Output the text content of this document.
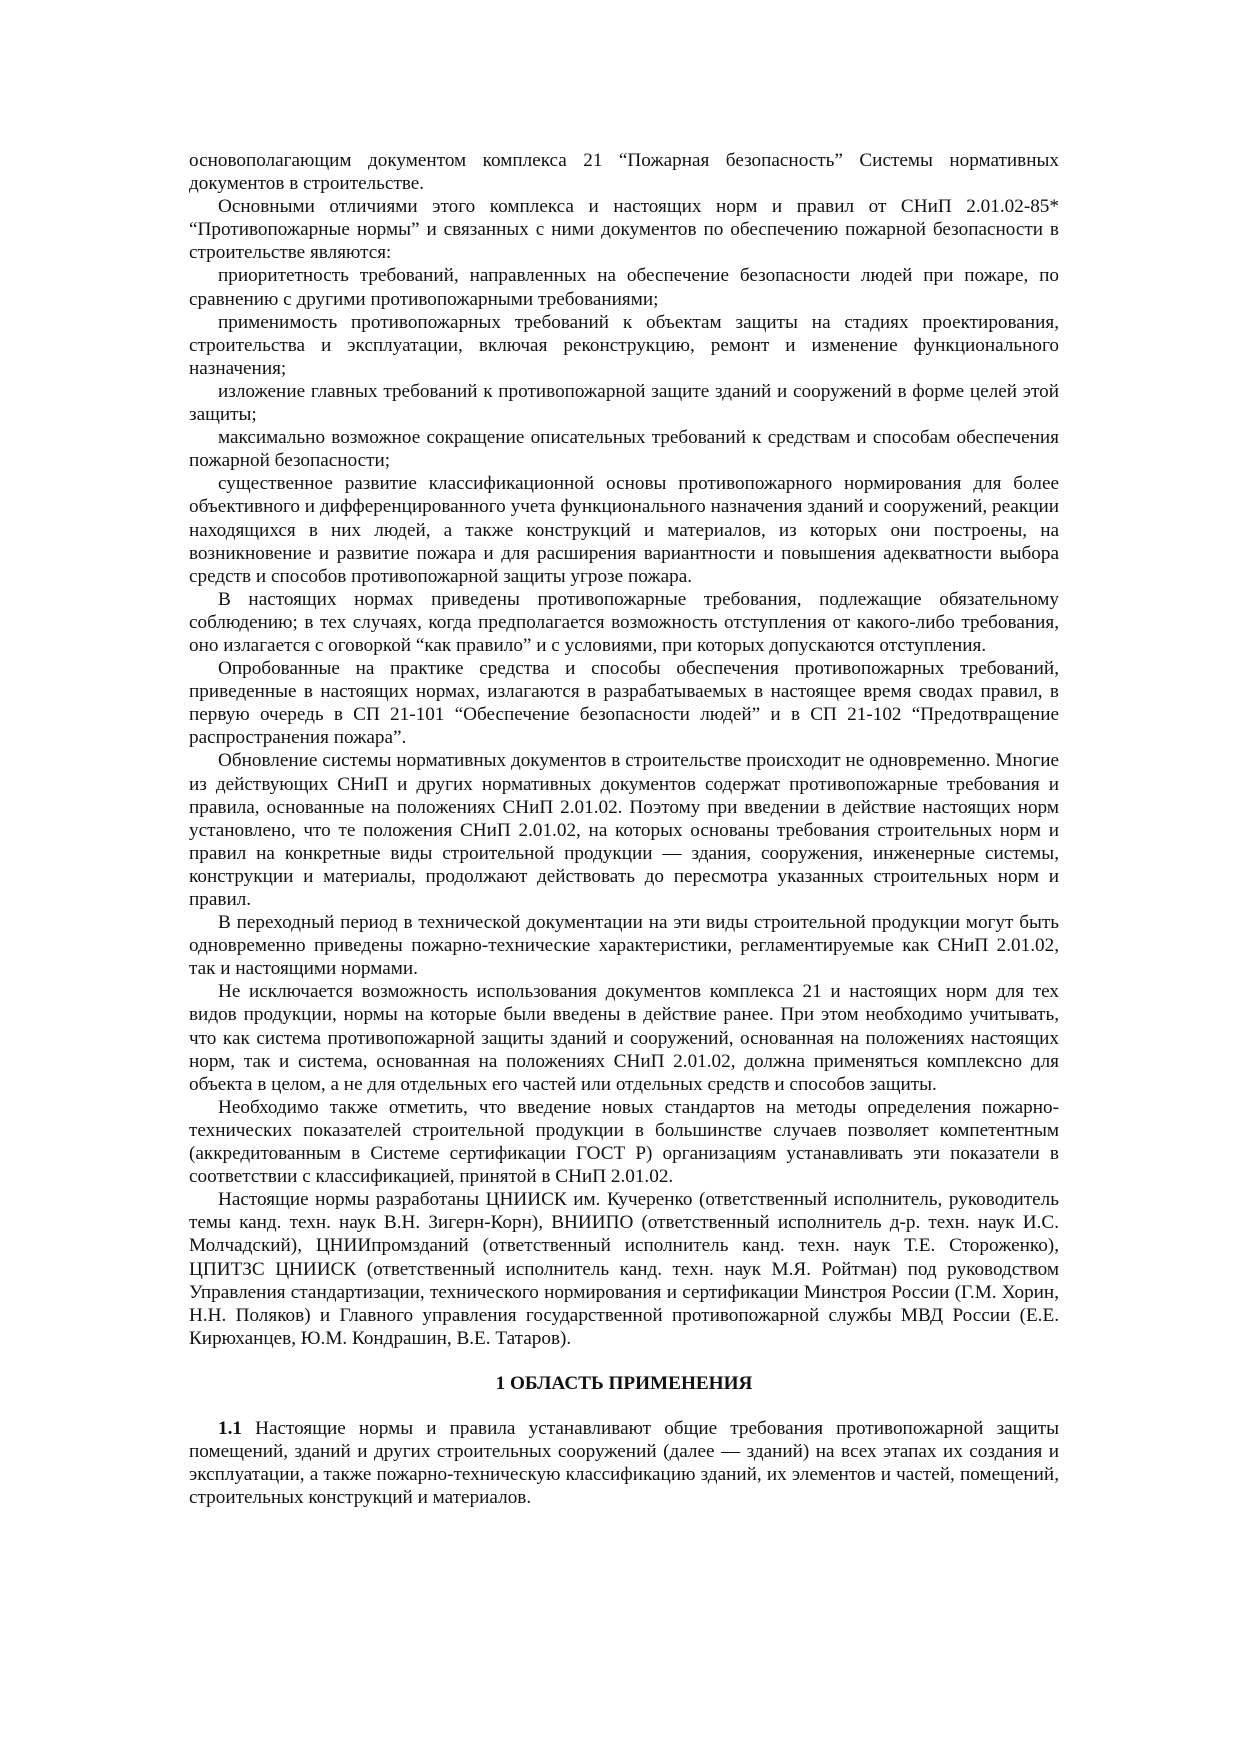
основополагающим документом комплекса 21 “Пожарная безопасность” Системы нормативных документов в строительстве.

Основными отличиями этого комплекса и настоящих норм и правил от СНиП 2.01.02-85* “Противопожарные нормы” и связанных с ними документов по обеспечению пожарной безопасности в строительстве являются:

приоритетность требований, направленных на обеспечение безопасности людей при пожаре, по сравнению с другими противопожарными требованиями;

применимость противопожарных требований к объектам защиты на стадиях проектирования, строительства и эксплуатации, включая реконструкцию, ремонт и изменение функционального назначения;

изложение главных требований к противопожарной защите зданий и сооружений в форме целей этой защиты;

максимально возможное сокращение описательных требований к средствам и способам обеспечения пожарной безопасности;

существенное развитие классификационной основы противопожарного нормирования для более объективного и дифференцированного учета функционального назначения зданий и сооружений, реакции находящихся в них людей, а также конструкций и материалов, из которых они построены, на возникновение и развитие пожара и для расширения вариантности и повышения адекватности выбора средств и способов противопожарной защиты угрозе пожара.

В настоящих нормах приведены противопожарные требования, подлежащие обязательному соблюдению; в тех случаях, когда предполагается возможность отступления от какого-либо требования, оно излагается с оговоркой “как правило” и с условиями, при которых допускаются отступления.

Опробованные на практике средства и способы обеспечения противопожарных требований, приведенные в настоящих нормах, излагаются в разрабатываемых в настоящее время сводах правил, в первую очередь в СП 21-101 “Обеспечение безопасности людей” и в СП 21-102 “Предотвращение распространения пожара”.

Обновление системы нормативных документов в строительстве происходит не одновременно. Многие из действующих СНиП и других нормативных документов содержат противопожарные требования и правила, основанные на положениях СНиП 2.01.02. Поэтому при введении в действие настоящих норм установлено, что те положения СНиП 2.01.02, на которых основаны требования строительных норм и правил на конкретные виды строительной продукции — здания, сооружения, инженерные системы, конструкции и материалы, продолжают действовать до пересмотра указанных строительных норм и правил.

В переходный период в технической документации на эти виды строительной продукции могут быть одновременно приведены пожарно-технические характеристики, регламентируемые как СНиП 2.01.02, так и настоящими нормами.

Не исключается возможность использования документов комплекса 21 и настоящих норм для тех видов продукции, нормы на которые были введены в действие ранее. При этом необходимо учитывать, что как система противопожарной защиты зданий и сооружений, основанная на положениях настоящих норм, так и система, основанная на положениях СНиП 2.01.02, должна применяться комплексно для объекта в целом, а не для отдельных его частей или отдельных средств и способов защиты.

Необходимо также отметить, что введение новых стандартов на методы определения пожарно-технических показателей строительной продукции в большинстве случаев позволяет компетентным (аккредитованным в Системе сертификации ГОСТ Р) организациям устанавливать эти показатели в соответствии с классификацией, принятой в СНиП 2.01.02.

Настоящие нормы разработаны ЦНИИСК им. Кучеренко (ответственный исполнитель, руководитель темы канд. техн. наук В.Н. Зигерн-Корн), ВНИИПО (ответственный исполнитель д-р. техн. наук И.С. Молчадский), ЦНИИпромзданий (ответственный исполнитель канд. техн. наук Т.Е. Стороженко), ЦПИТЗС ЦНИИСК (ответственный исполнитель канд. техн. наук М.Я. Ройтман) под руководством Управления стандартизации, технического нормирования и сертификации Минстроя России (Г.М. Хорин, Н.Н. Поляков) и Главного управления государственной противопожарной службы МВД России (Е.Е. Кирюханцев, Ю.М. Кондрашин, В.Е. Татаров).

1 ОБЛАСТЬ ПРИМЕНЕНИЯ

1.1 Настоящие нормы и правила устанавливают общие требования противопожарной защиты помещений, зданий и других строительных сооружений (далее — зданий) на всех этапах их создания и эксплуатации, а также пожарно-техническую классификацию зданий, их элементов и частей, помещений, строительных конструкций и материалов.
